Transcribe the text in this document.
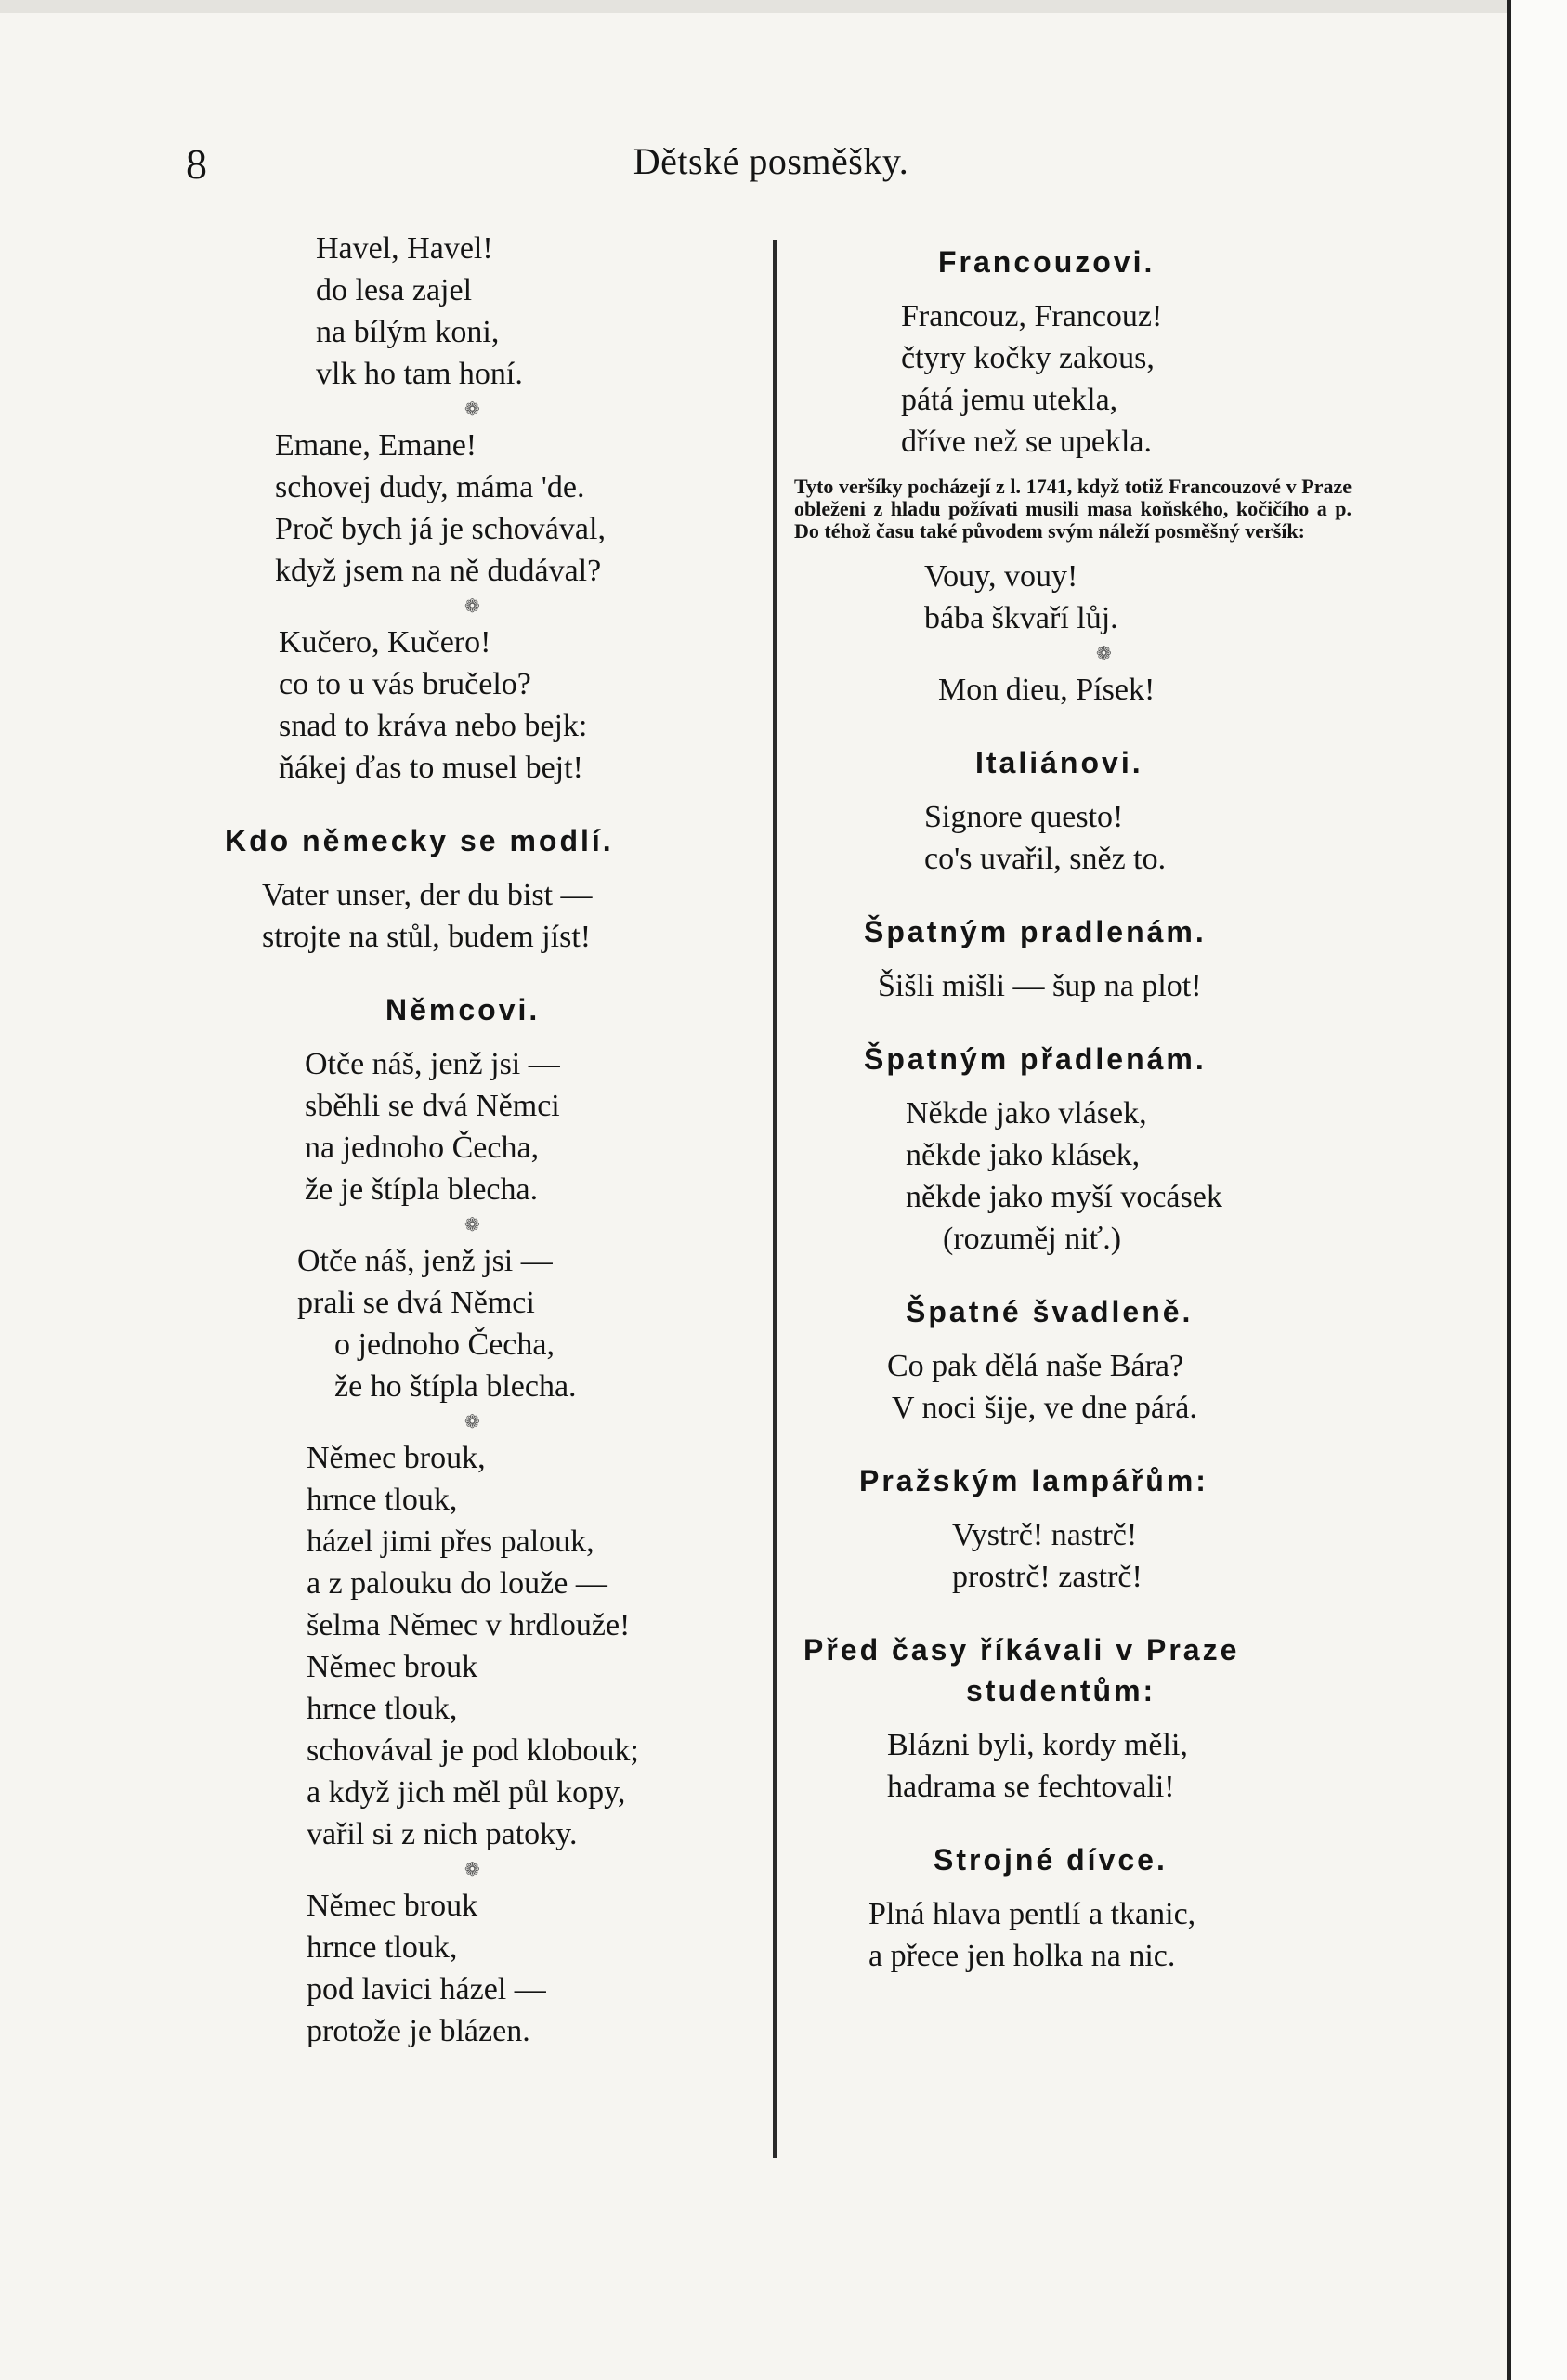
8	Dětské posměšky.
Havel, Havel!
do lesa zajel
na bílým koni,
vlk ho tam honí.
❁
Emane, Emane!
schovej dudy, máma 'de.
Proč bych já je schovával,
když jsem na ně dudával?
❁
Kučero, Kučero!
co to u vás bručelo?
snad to kráva nebo bejk:
ňákej ďas to musel bejt!
Kdo německy se modlí.
Vater unser, der du bist —
strojte na stůl, budem jíst!
Němcovi.
Otče náš, jenž jsi —
sběhli se dvá Němci
na jednoho Čecha,
že je štípla blecha.
❁
Otče náš, jenž jsi —
prali se dvá Němci
o jednoho Čecha,
že ho štípla blecha.
❁
Němec brouk,
hrnce tlouk,
házel jimi přes palouk,
a z palouku do louže —
šelma Němec v hrdlouže!
Němec brouk
hrnce tlouk,
schovával je pod klobouk;
a když jich měl půl kopy,
vařil si z nich patoky.
❁
Němec brouk
hrnce tlouk,
pod lavici házel —
protože je blázen.
Francouzovi.
Francouz, Francouz!
čtyry kočky zakous,
pátá jemu utekla,
dříve než se upekla.
Tyto veršíky pocházejí z l. 1741, když totiž Francouzové v Praze obleženi z hladu požívati musili masa koňského, kočičího a p. Do téhož času také původem svým náleží posměšný veršík:
Vouy, vouy!
bába škvaří lůj.
❁
Mon dieu, Písek!
Italiánovi.
Signore questo!
co's uvařil, sněz to.
Špatným pradlenám.
Šišli mišli — šup na plot!
Špatným přadlenám.
Někde jako vlásek,
někde jako klásek,
někde jako myší vocásek
(rozuměj niť.)
Špatné švadleně.
Co pak dělá naše Bára?
V noci šije, ve dne párá.
Pražským lampářům:
Vystrč! nastrč!
prostrč! zastrč!
Před časy říkávali v Praze
studentům:
Blázni byli, kordy měli,
hadrama se fechtovali!
Strojné dívce.
Plná hlava pentlí a tkanic,
a přece jen holka na nic.
